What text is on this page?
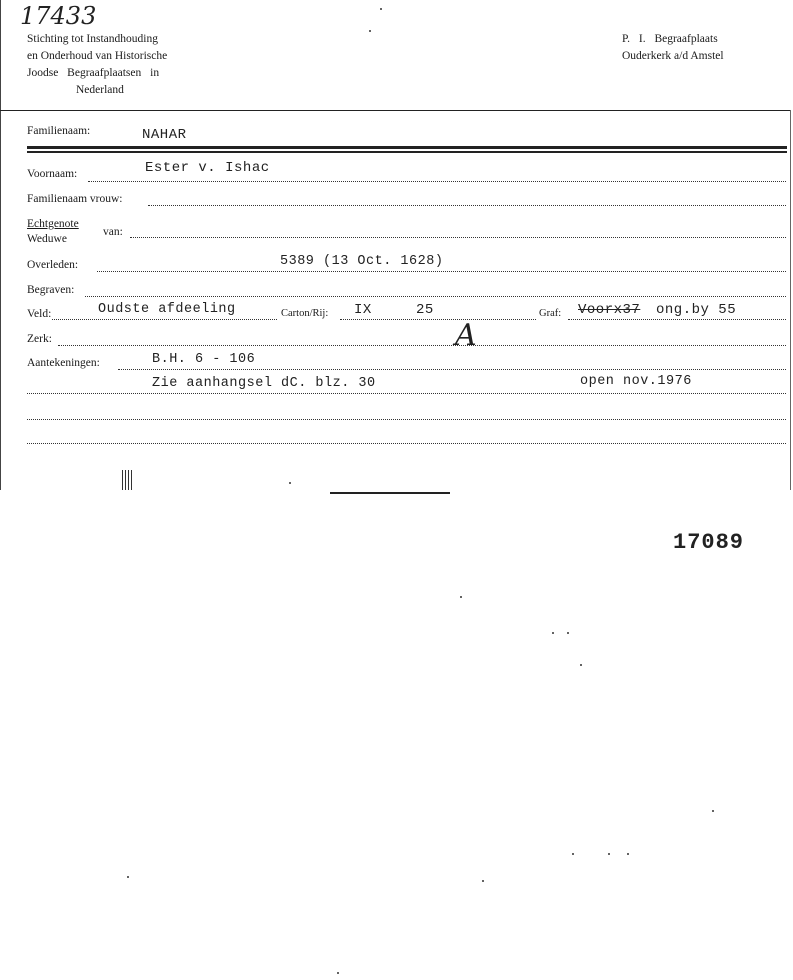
17433
Stichting tot Instandhouding
en Onderhoud van Historische
Joodse Begraafplaatsen in
Nederland
P. I. Begraafplaats
Ouderkerk a/d Amstel
Familienaam:	NAHAR
Voornaam:	Ester v. Ishac
Familienaam vrouw:
Echtgenote
Weduwe
van:
Overleden:	5389 (13 Oct. 1628)
Begraven:
Veld:	Oudste afdeeling	Carton/Rij: IX	25	Graf: Voorx37 ong.by 55
Zerk:	A
Aantekeningen:	B.H. 6 - 106
Zie aanhangsel dC. blz. 30	open nov.1976
17089
